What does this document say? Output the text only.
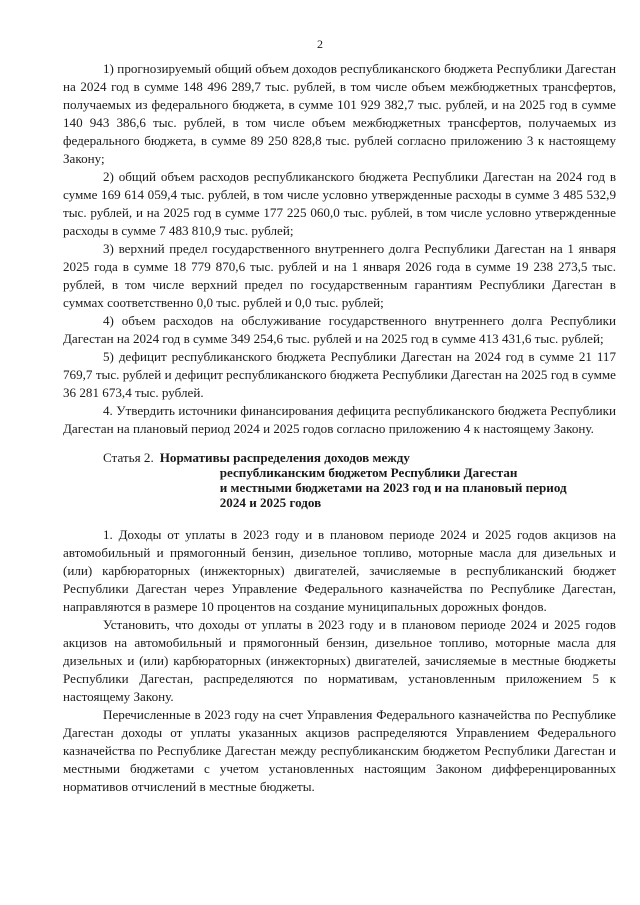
2

1) прогнозируемый общий объем доходов республиканского бюджета Республики Дагестан на 2024 год в сумме 148 496 289,7 тыс. рублей, в том числе объем межбюджетных трансфертов, получаемых из федерального бюджета, в сумме 101 929 382,7 тыс. рублей, и на 2025 год в сумме 140 943 386,6 тыс. рублей, в том числе объем межбюджетных трансфертов, получаемых из федерального бюджета, в сумме 89 250 828,8 тыс. рублей согласно приложению 3 к настоящему Закону;

2) общий объем расходов республиканского бюджета Республики Дагестан на 2024 год в сумме 169 614 059,4 тыс. рублей, в том числе условно утвержденные расходы в сумме 3 485 532,9 тыс. рублей, и на 2025 год в сумме 177 225 060,0 тыс. рублей, в том числе условно утвержденные расходы в сумме 7 483 810,9 тыс. рублей;

3) верхний предел государственного внутреннего долга Республики Дагестан на 1 января 2025 года в сумме 18 779 870,6 тыс. рублей и на 1 января 2026 года в сумме 19 238 273,5 тыс. рублей, в том числе верхний предел по государственным гарантиям Республики Дагестан в суммах соответственно 0,0 тыс. рублей и 0,0 тыс. рублей;

4) объем расходов на обслуживание государственного внутреннего долга Республики Дагестан на 2024 год в сумме 349 254,6 тыс. рублей и на 2025 год в сумме 413 431,6 тыс. рублей;

5) дефицит республиканского бюджета Республики Дагестан на 2024 год в сумме 21 117 769,7 тыс. рублей и дефицит республиканского бюджета Республики Дагестан на 2025 год в сумме 36 281 673,4 тыс. рублей.

4. Утвердить источники финансирования дефицита республиканского бюджета Республики Дагестан на плановый период 2024 и 2025 годов согласно приложению 4 к настоящему Закону.

Статья 2. Нормативы распределения доходов между
республиканским бюджетом Республики Дагестан
и местными бюджетами на 2023 год и на плановый период
2024 и 2025 годов

1. Доходы от уплаты в 2023 году и в плановом периоде 2024 и 2025 годов акцизов на автомобильный и прямогонный бензин, дизельное топливо, моторные масла для дизельных и (или) карбюраторных (инжекторных) двигателей, зачисляемые в республиканский бюджет Республики Дагестан через Управление Федерального казначейства по Республике Дагестан, направляются в размере 10 процентов на создание муниципальных дорожных фондов.

Установить, что доходы от уплаты в 2023 году и в плановом периоде 2024 и 2025 годов акцизов на автомобильный и прямогонный бензин, дизельное топливо, моторные масла для дизельных и (или) карбюраторных (инжекторных) двигателей, зачисляемые в местные бюджеты Республики Дагестан, распределяются по нормативам, установленным приложением 5 к настоящему Закону.

Перечисленные в 2023 году на счет Управления Федерального казначейства по Республике Дагестан доходы от уплаты указанных акцизов распределяются Управлением Федерального казначейства по Республике Дагестан между республиканским бюджетом Республики Дагестан и местными бюджетами с учетом установленных настоящим Законом дифференцированных нормативов отчислений в местные бюджеты.
